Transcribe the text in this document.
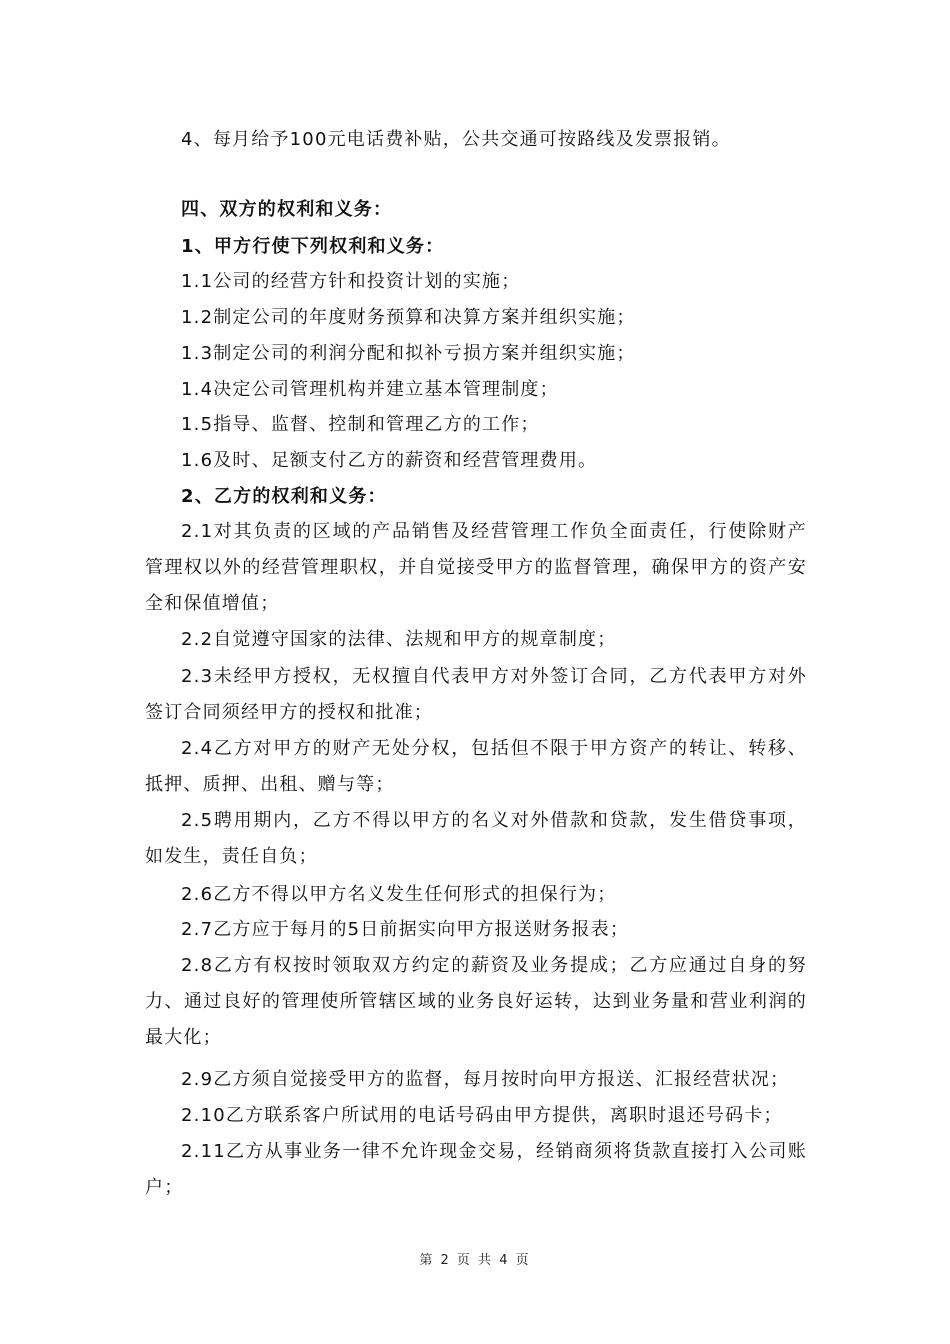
4、每月给予100元电话费补贴，公共交通可按路线及发票报销。
四、双方的权利和义务：
1、甲方行使下列权利和义务：
1.1公司的经营方针和投资计划的实施；
1.2制定公司的年度财务预算和决算方案并组织实施；
1.3制定公司的利润分配和拟补亏损方案并组织实施；
1.4决定公司管理机构并建立基本管理制度；
1.5指导、监督、控制和管理乙方的工作；
1.6及时、足额支付乙方的薪资和经营管理费用。
2、乙方的权利和义务：
2.1对其负责的区域的产品销售及经营管理工作负全面责任，行使除财产管理权以外的经营管理职权，并自觉接受甲方的监督管理，确保甲方的资产安全和保值增值；
2.2自觉遵守国家的法律、法规和甲方的规章制度；
2.3未经甲方授权，无权擅自代表甲方对外签订合同，乙方代表甲方对外签订合同须经甲方的授权和批准；
2.4乙方对甲方的财产无处分权，包括但不限于甲方资产的转让、转移、抵押、质押、出租、赠与等；
2.5聘用期内，乙方不得以甲方的名义对外借款和贷款，发生借贷事项，如发生，责任自负；
2.6乙方不得以甲方名义发生任何形式的担保行为；
2.7乙方应于每月的5日前据实向甲方报送财务报表；
2.8乙方有权按时领取双方约定的薪资及业务提成；乙方应通过自身的努力、通过良好的管理使所管辖区域的业务良好运转，达到业务量和营业利润的最大化；
2.9乙方须自觉接受甲方的监督，每月按时向甲方报送、汇报经营状况；
2.10乙方联系客户所试用的电话号码由甲方提供，离职时退还号码卡；
2.11乙方从事业务一律不允许现金交易，经销商须将货款直接打入公司账户；
第 2 页 共 4 页
